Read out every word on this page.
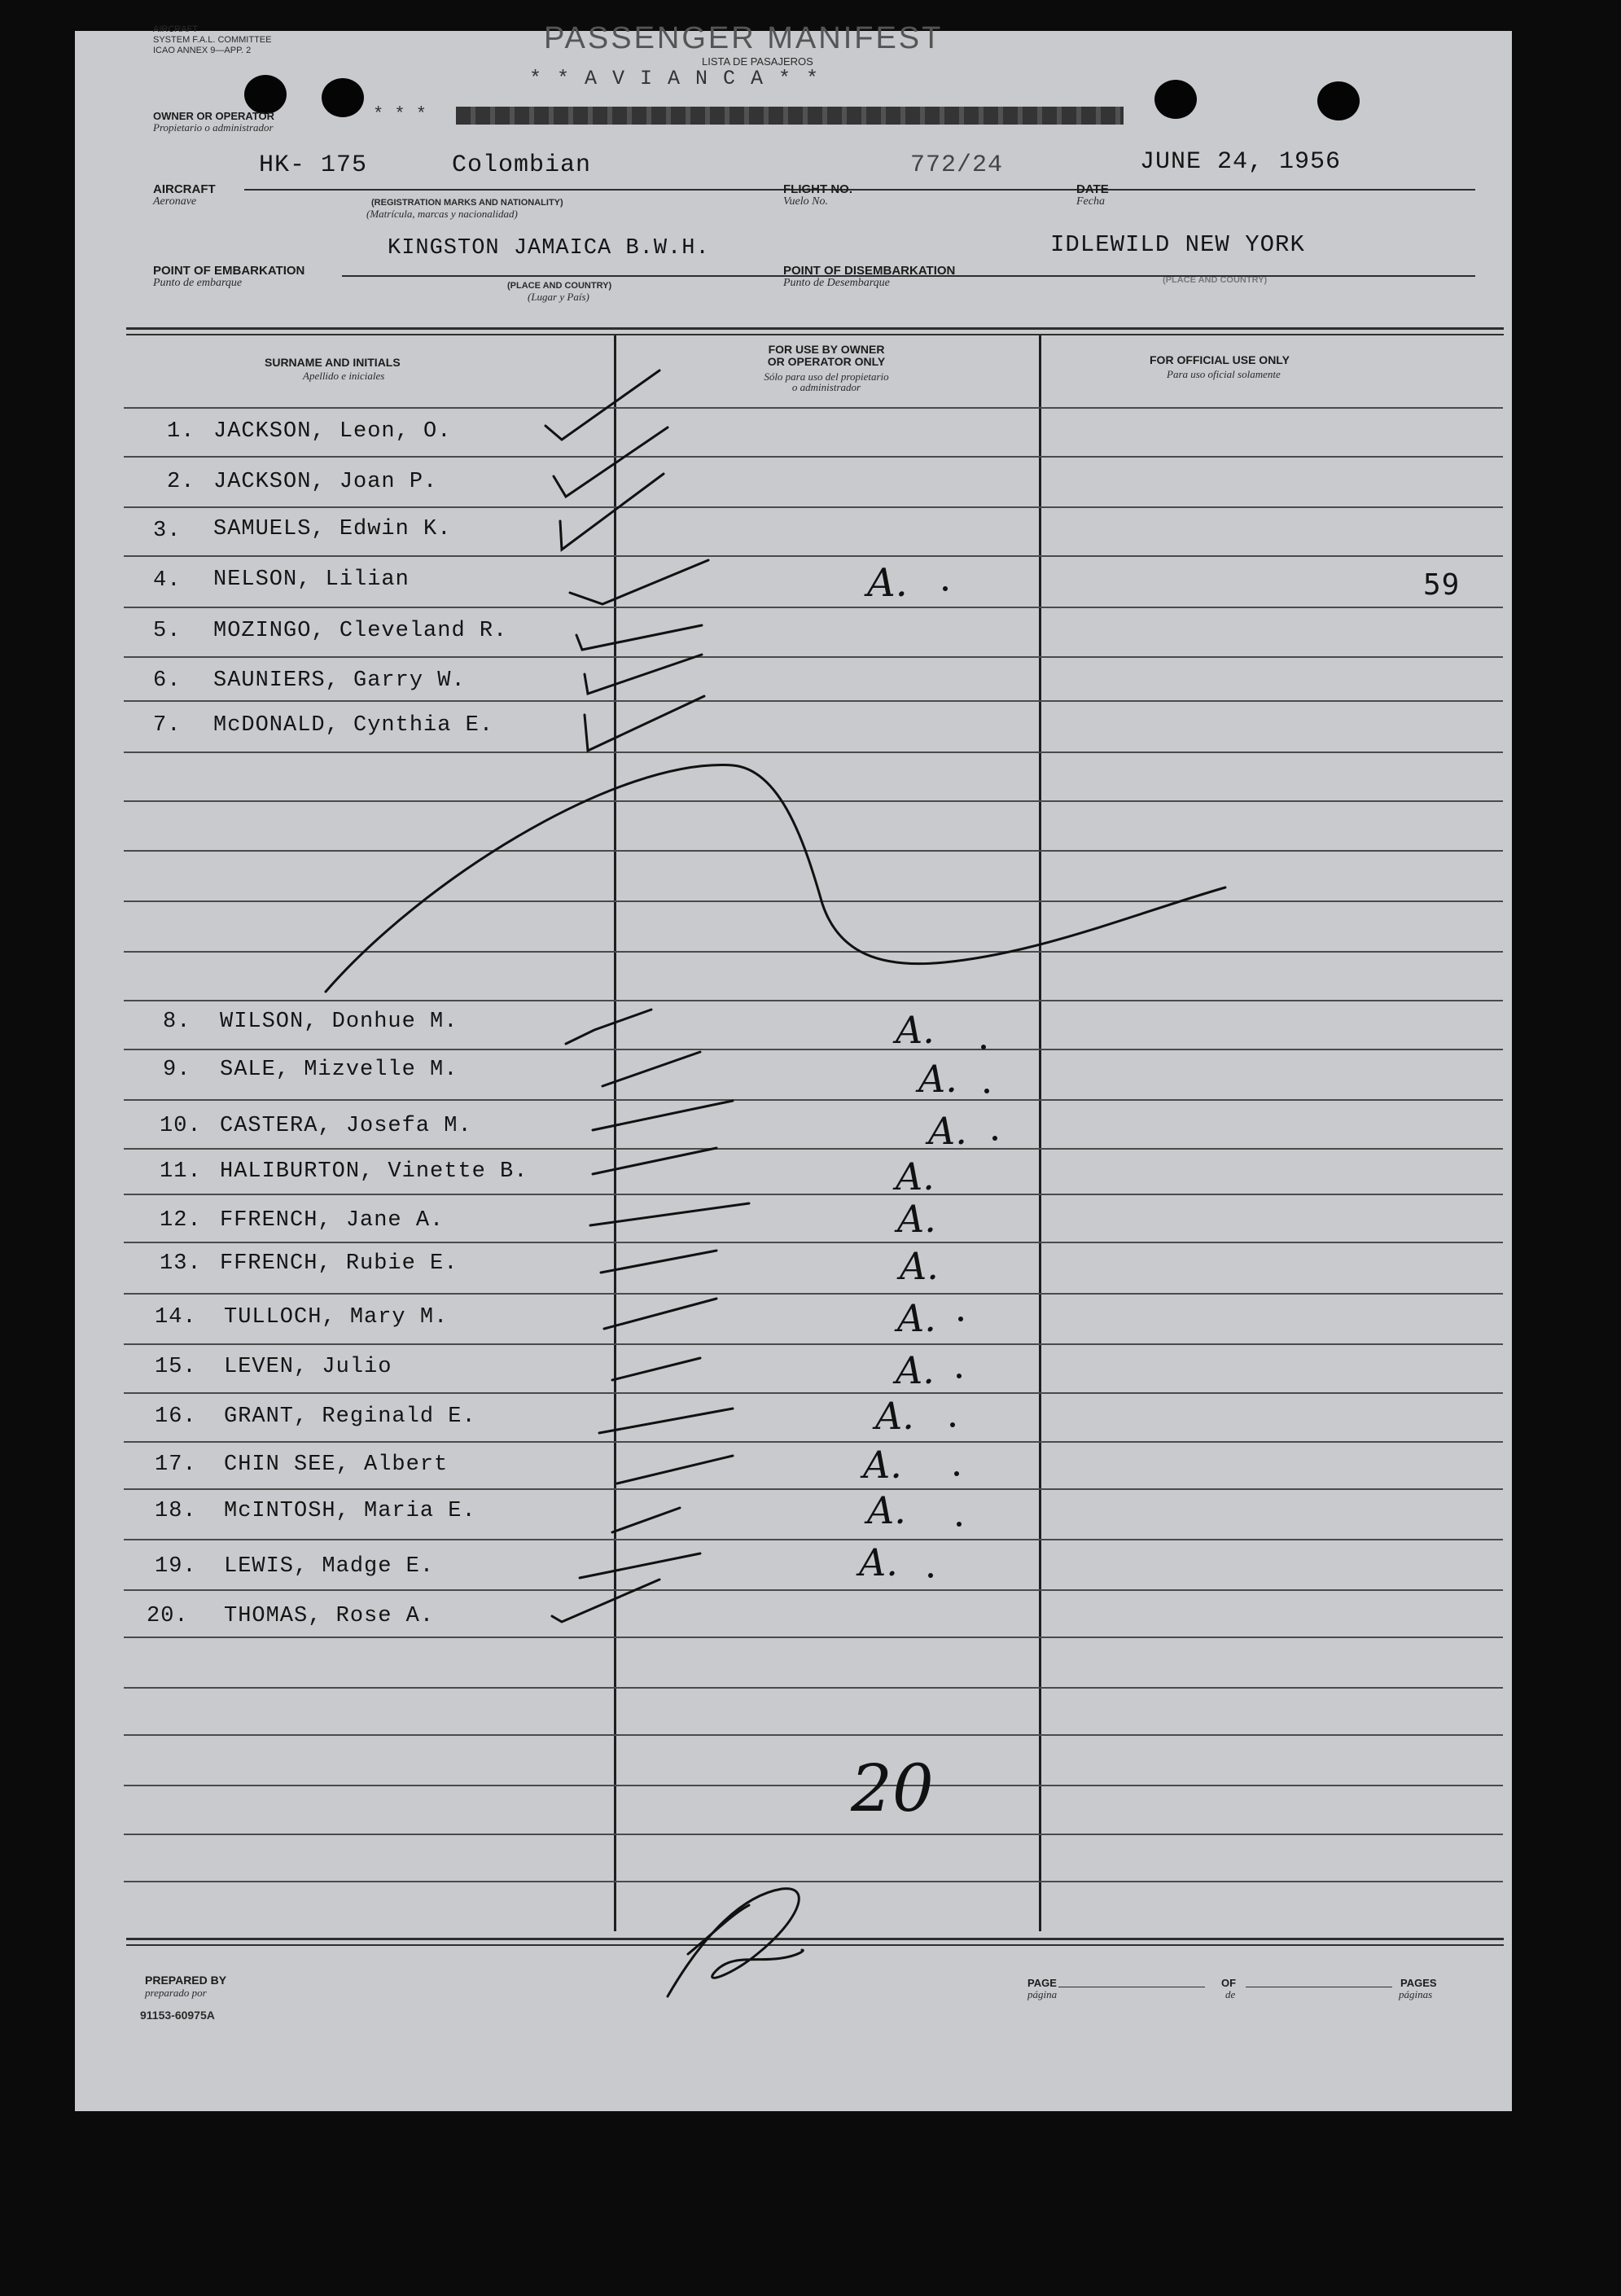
AIRCRAFT
SYSTEM F.A.L. COMMITTEE
ICAO ANNEX 9—APP. 2	PASSENGER MANIFEST
LISTA DE PASAJEROS
* * A V I A N C A * *
* * *
OWNER OR OPERATOR
Propietario o administrador
HK- 175	Colombian	772/24	JUNE 24, 1956
AIRCRAFT
Aeronave	(REGISTRATION MARKS AND NATIONALITY)
(Matrícula, marcas y nacionalidad)
FLIGHT NO.
Vuelo No.
DATE
Fecha
KINGSTON JAMAICA B.W.H.	IDLEWILD NEW YORK
POINT OF EMBARKATION
Punto de embarque	(PLACE AND COUNTRY)
(Lugar y País)
POINT OF DISEMBARKATION
Punto de Desembarque	(PLACE AND COUNTRY)
SURNAME AND INITIALS
Apellido e iniciales
FOR USE BY OWNER
OR OPERATOR ONLY
Sólo para uso del propietario
o administrador
FOR OFFICIAL USE ONLY
Para uso oficial solamente
1. JACKSON, Leon, O.
2. JACKSON, Joan P.
3. SAMUELS, Edwin K.
4. NELSON, Lilian	A.	59
5. MOZINGO, Cleveland R.
6. SAUNIERS, Garry W.
7. McDONALD, Cynthia E.
8. WILSON, Donhue M.	A.
9. SALE, Mizvelle M.	A.
10. CASTERA, Josefa M.	A.
11. HALIBURTON, Vinette B.	A.
12. FFRENCH, Jane A.	A.
13. FFRENCH, Rubie E.	A.
14. TULLOCH, Mary M.	A.
15. LEVEN, Julio	A.
16. GRANT, Reginald E.	A.
17. CHIN SEE, Albert	A.
18. McINTOSH, Maria E.	A.
19. LEWIS, Madge E.	A.
20. THOMAS, Rose A.
20
PREPARED BY
preparado por
91153-60975A
PAGE
página
OF
de
PAGES
páginas
